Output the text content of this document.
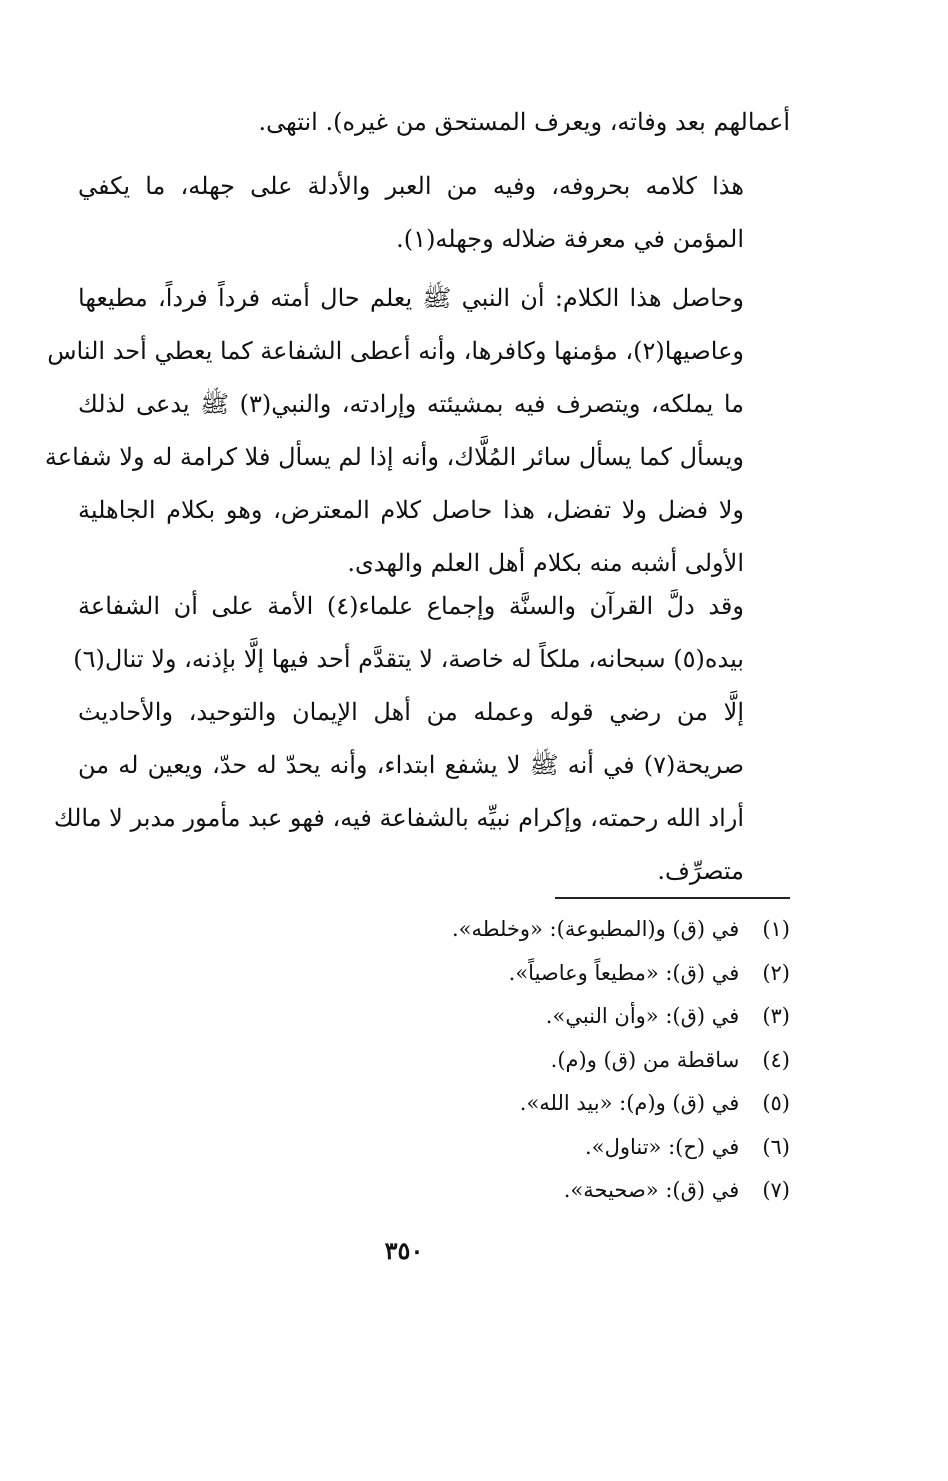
أعمالهم بعد وفاته، ويعرف المستحق من غيره). انتهى.
هذا كلامه بحروفه، وفيه من العبر والأدلة على جهله، ما يكفي
المؤمن في معرفة ضلاله وجهله(١).
وحاصل هذا الكلام: أن النبي ﷺ يعلم حال أمته فرداً فرداً، مطيعها
وعاصيها(٢)، مؤمنها وكافرها، وأنه أعطى الشفاعة كما يعطي أحد الناس
ما يملكه، ويتصرف فيه بمشيئته وإرادته، والنبي(٣) ﷺ يدعى لذلك
ويسأل كما يسأل سائر المُلَّاك، وأنه إذا لم يسأل فلا كرامة له ولا شفاعة
ولا فضل ولا تفضل، هذا حاصل كلام المعترض، وهو بكلام الجاهلية
الأولى أشبه منه بكلام أهل العلم والهدى.
وقد دلَّ القرآن والسنَّة وإجماع علماء(٤) الأمة على أن الشفاعة
بيده(٥) سبحانه، ملكاً له خاصة، لا يتقدَّم أحد فيها إلَّا بإذنه، ولا تنال(٦)
إلَّا من رضي قوله وعمله من أهل الإيمان والتوحيد، والأحاديث
صريحة(٧) في أنه ﷺ لا يشفع ابتداء، وأنه يحدّ له حدّ، ويعين له من
أراد الله رحمته، وإكرام نبيِّه بالشفاعة فيه، فهو عبد مأمور مدبر لا مالك
متصرِّف.
(١) في (ق) و(المطبوعة): «وخلطه».
(٢) في (ق): «مطيعاً وعاصياً».
(٣) في (ق): «وأن النبي».
(٤) ساقطة من (ق) و(م).
(٥) في (ق) و(م): «بيد الله».
(٦) في (ح): «تناول».
(٧) في (ق): «صحيحة».
٣٥٠
